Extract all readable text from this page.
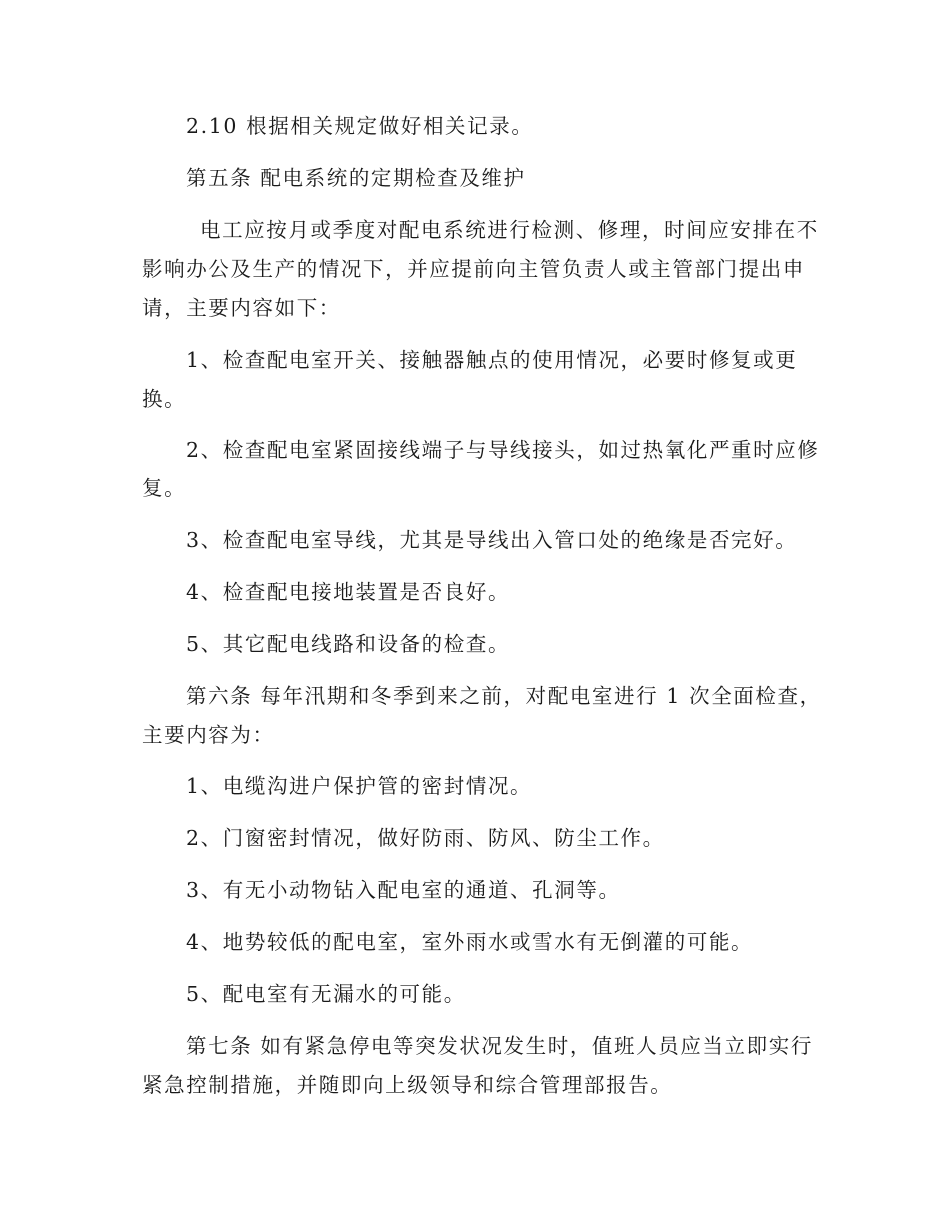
2.10 根据相关规定做好相关记录。
第五条 配电系统的定期检查及维护
电工应按月或季度对配电系统进行检测、修理，时间应安排在不
影响办公及生产的情况下，并应提前向主管负责人或主管部门提出申
请，主要内容如下：
1、检查配电室开关、接触器触点的使用情况，必要时修复或更
换。
2、检查配电室紧固接线端子与导线接头，如过热氧化严重时应修
复。
3、检查配电室导线，尤其是导线出入管口处的绝缘是否完好。
4、检查配电接地装置是否良好。
5、其它配电线路和设备的检查。
第六条 每年汛期和冬季到来之前，对配电室进行 1 次全面检查，
主要内容为：
1、电缆沟进户保护管的密封情况。
2、门窗密封情况，做好防雨、防风、防尘工作。
3、有无小动物钻入配电室的通道、孔洞等。
4、地势较低的配电室，室外雨水或雪水有无倒灌的可能。
5、配电室有无漏水的可能。
第七条 如有紧急停电等突发状况发生时，值班人员应当立即实行
紧急控制措施，并随即向上级领导和综合管理部报告。
